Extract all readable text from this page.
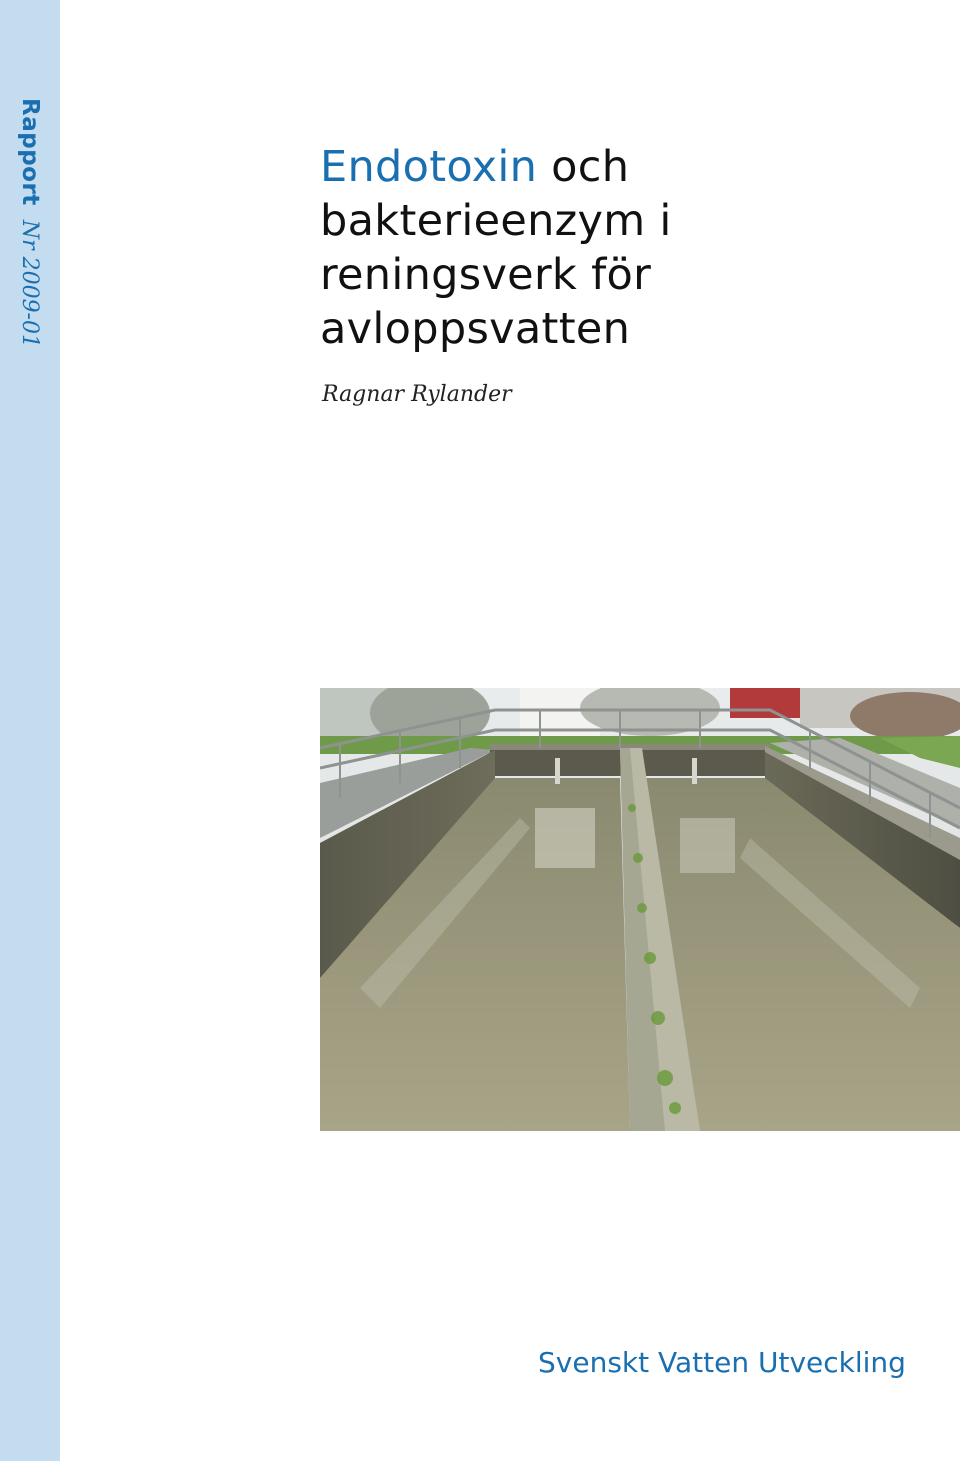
Rapport
Nr 2009-01
Endotoxin och
bakterieenzym i
reningsverk för
avloppsvatten
Ragnar Rylander
Svenskt Vatten Utveckling
